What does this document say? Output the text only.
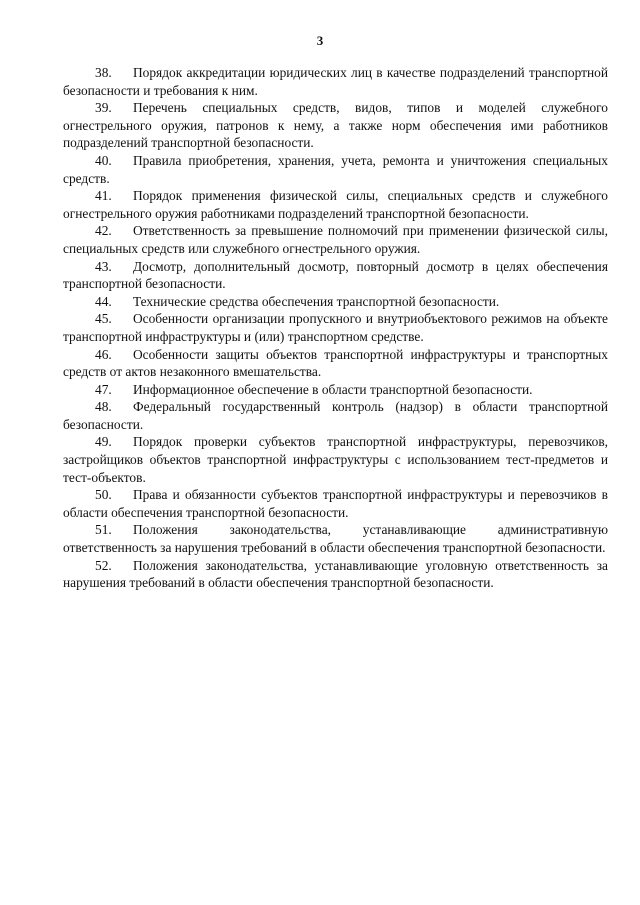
3
38. Порядок аккредитации юридических лиц в качестве подразделений транспортной безопасности и требования к ним.
39. Перечень специальных средств, видов, типов и моделей служебного огнестрельного оружия, патронов к нему, а также норм обеспечения ими работников подразделений транспортной безопасности.
40. Правила приобретения, хранения, учета, ремонта и уничтожения специальных средств.
41. Порядок применения физической силы, специальных средств и служебного огнестрельного оружия работниками подразделений транспортной безопасности.
42. Ответственность за превышение полномочий при применении физической силы, специальных средств или служебного огнестрельного оружия.
43. Досмотр, дополнительный досмотр, повторный досмотр в целях обеспечения транспортной безопасности.
44. Технические средства обеспечения транспортной безопасности.
45. Особенности организации пропускного и внутриобъектового режимов на объекте транспортной инфраструктуры и (или) транспортном средстве.
46. Особенности защиты объектов транспортной инфраструктуры и транспортных средств от актов незаконного вмешательства.
47. Информационное обеспечение в области транспортной безопасности.
48. Федеральный государственный контроль (надзор) в области транспортной безопасности.
49. Порядок проверки субъектов транспортной инфраструктуры, перевозчиков, застройщиков объектов транспортной инфраструктуры с использованием тест-предметов и тест-объектов.
50. Права и обязанности субъектов транспортной инфраструктуры и перевозчиков в области обеспечения транспортной безопасности.
51. Положения законодательства, устанавливающие административную ответственность за нарушения требований в области обеспечения транспортной безопасности.
52. Положения законодательства, устанавливающие уголовную ответственность за нарушения требований в области обеспечения транспортной безопасности.
